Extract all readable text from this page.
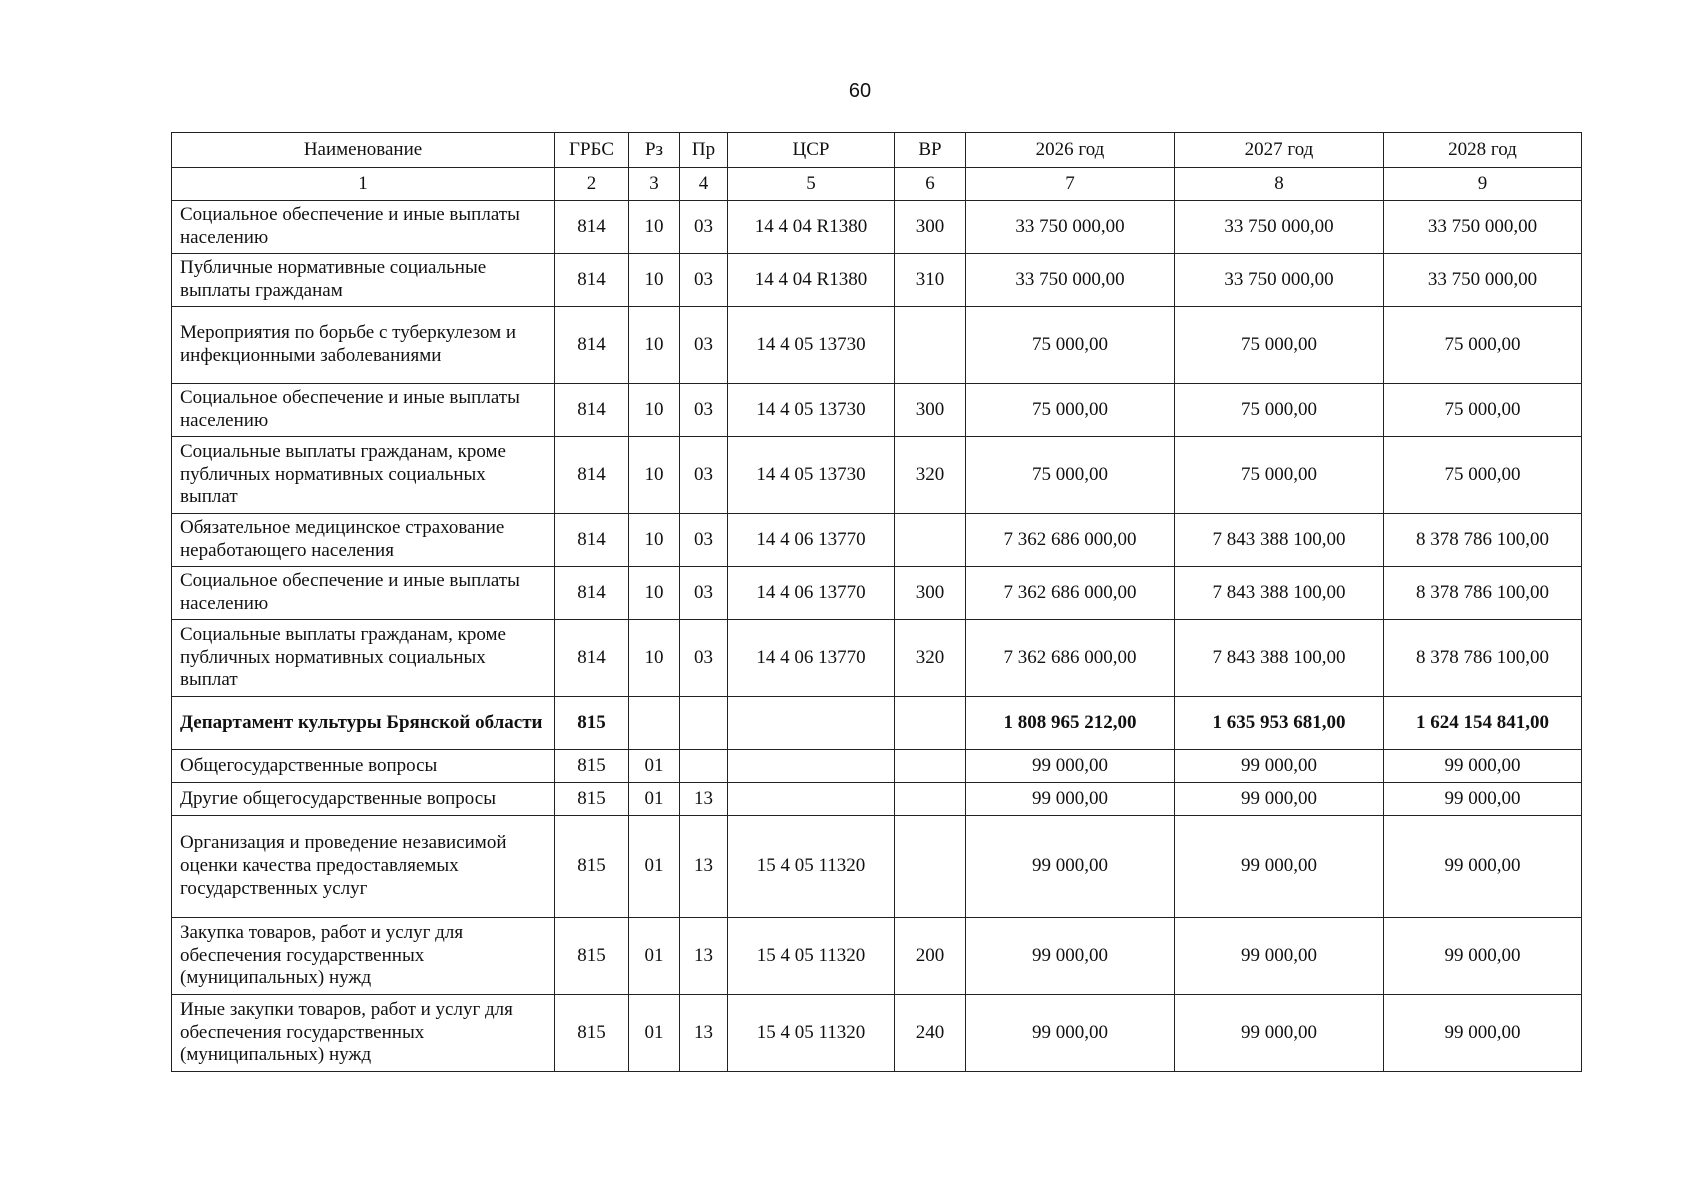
60
Наименование	ГРБС	Рз	Пр	ЦСР	ВР	2026 год	2027 год	2028 год
1	2	3	4	5	6	7	8	9
Социальное обеспечение и иные выплаты населению	814	10	03	14 4 04 R1380	300	33 750 000,00	33 750 000,00	33 750 000,00
Публичные нормативные социальные выплаты гражданам	814	10	03	14 4 04 R1380	310	33 750 000,00	33 750 000,00	33 750 000,00
Мероприятия по борьбе с туберкулезом и инфекционными заболеваниями	814	10	03	14 4 05 13730		75 000,00	75 000,00	75 000,00
Социальное обеспечение и иные выплаты населению	814	10	03	14 4 05 13730	300	75 000,00	75 000,00	75 000,00
Социальные выплаты гражданам, кроме публичных нормативных социальных выплат	814	10	03	14 4 05 13730	320	75 000,00	75 000,00	75 000,00
Обязательное медицинское страхование неработающего населения	814	10	03	14 4 06 13770		7 362 686 000,00	7 843 388 100,00	8 378 786 100,00
Социальное обеспечение и иные выплаты населению	814	10	03	14 4 06 13770	300	7 362 686 000,00	7 843 388 100,00	8 378 786 100,00
Социальные выплаты гражданам, кроме публичных нормативных социальных выплат	814	10	03	14 4 06 13770	320	7 362 686 000,00	7 843 388 100,00	8 378 786 100,00
Департамент культуры Брянской области	815					1 808 965 212,00	1 635 953 681,00	1 624 154 841,00
Общегосударственные вопросы	815	01				99 000,00	99 000,00	99 000,00
Другие общегосударственные вопросы	815	01	13			99 000,00	99 000,00	99 000,00
Организация и проведение независимой оценки качества предоставляемых государственных услуг	815	01	13	15 4 05 11320		99 000,00	99 000,00	99 000,00
Закупка товаров, работ и услуг для обеспечения государственных (муниципальных) нужд	815	01	13	15 4 05 11320	200	99 000,00	99 000,00	99 000,00
Иные закупки товаров, работ и услуг для обеспечения государственных (муниципальных) нужд	815	01	13	15 4 05 11320	240	99 000,00	99 000,00	99 000,00
